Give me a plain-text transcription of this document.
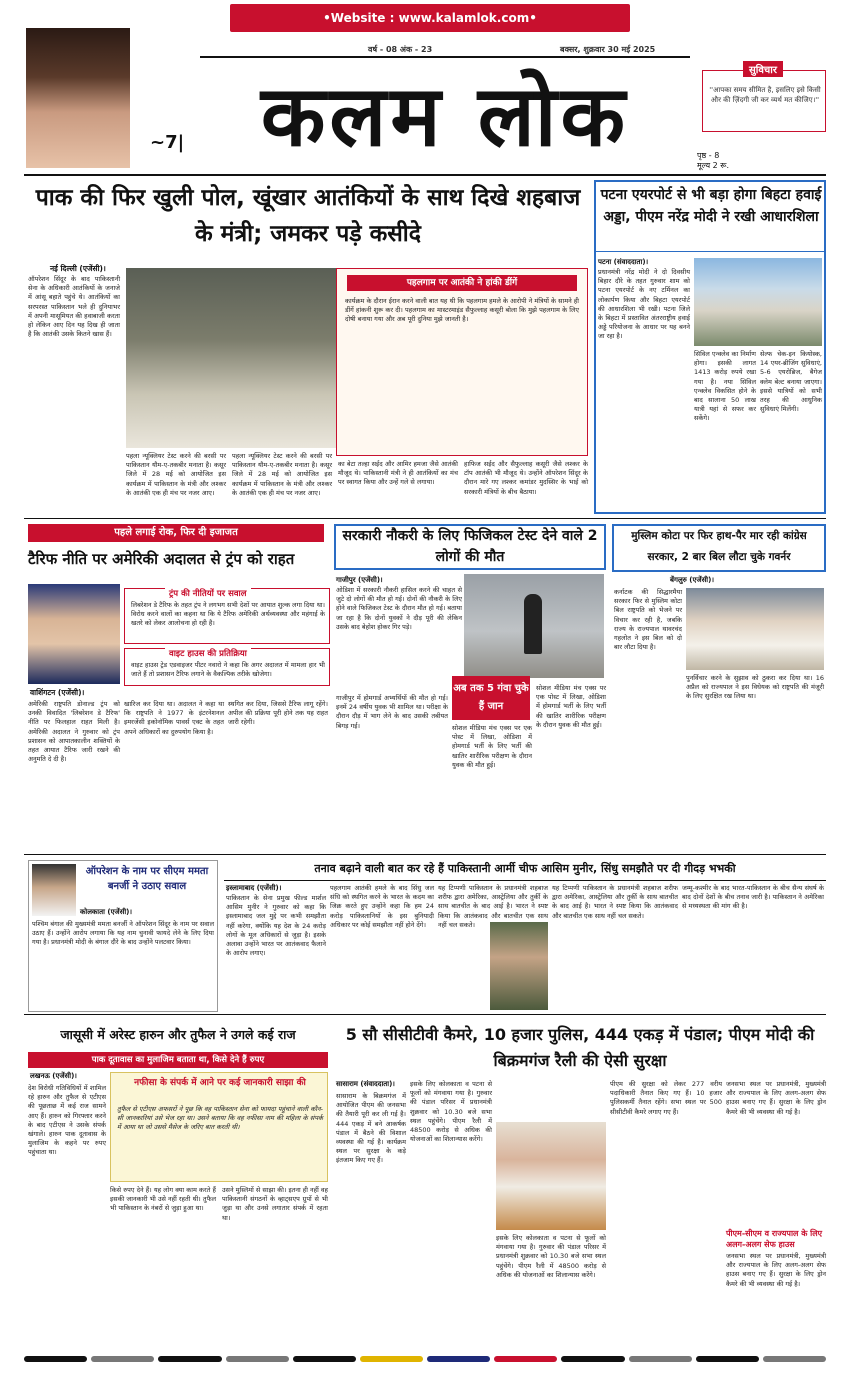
•Website : www.kalamlok.com•
वर्ष - 08 अंक - 23	बक्सर, शुक्रवार 30 मई 2025
कलम लोक
~7|
पृष्ठ - 8
मूल्य 2 रू.
सुविचार
''आपका समय सीमित है, इसलिए इसे किसी और की ज़िंदगी जी कर व्यर्थ मत कीजिए।''
पाक की फिर खुली पोल, खूंखार आतंकियों के साथ दिखे शहबाज के मंत्री; जमकर पड़े कसीदे
नई दिल्ली (एजेंसी)।
ऑपरेशन सिंदूर के बाद पाकिस्तानी सेना के अधिकारी आतंकियों के जनाजे में आंसू बहाते पहुंचे थे। आतंकियों का सरपरस्त पाकिस्तान भले ही दुनियाभर में अपनी मासूमियत की हवाबाजी करता हो लेकिन आए दिन यह दिख ही जाता है कि आतंकी उसके कितने खास हैं।
पहलगाम पर आतंकी ने हांकी डींगें
कार्यक्रम के दौरान ईरान करने वाली बात यह थी कि पहलगाम हमले के आरोपी ने मंत्रियों के सामने ही डींगें हांकनी शुरू कर दी। पहलगाम का मास्टरमाइंड सैफुल्लाह कसूरी बोला कि मुझे पहलगाम के लिए दोषी बनाया गया और अब पूरी दुनिया मुझे जानती है।
पहला न्यूक्लियर टेस्ट करने की बरसी पर पाकिस्तान यौम-ए-तकबीर मनाता है। कसूर जिले में 28 मई को आयोजित इस कार्यक्रम में पाकिस्तान के मंत्री और लश्कर के आतंकी एक ही मंच पर नजर आए।
पहला न्यूक्लियर टेस्ट करने की बरसी पर पाकिस्तान यौम-ए-तकबीर मनाता है। कसूर जिले में 28 मई को आयोजित इस कार्यक्रम में पाकिस्तान के मंत्री और लश्कर के आतंकी एक ही मंच पर नजर आए।
का बेटा तल्हा सईद और आमिर हमजा जैसे आतंकी मौजूद थे। पाकिस्तानी मंत्री ने ही आतंकियों का मंच पर स्वागत किया और उन्हें गले से लगाया।
हाफिज सईद और सैफुल्लाह कसूरी जैसे लश्कर के टॉप आतंकी भी मौजूद थे। उन्होंने ऑपरेशन सिंदूर के दौरान मारे गए लश्कर कमांडर मुदस्सिर के भाई को सरकारी मंत्रियों के बीच बैठाया।
पटना एयरपोर्ट से भी बड़ा होगा बिहटा हवाई अड्डा, पीएम नरेंद्र मोदी ने रखी आधारशिला
पटना (संवाददाता)।
प्रधानमंत्री नरेंद्र मोदी ने दो दिवसीय बिहार दौरे के तहत गुरुवार शाम को पटना एयरपोर्ट के नए टर्मिनल का लोकार्पण किया और बिहटा एयरपोर्ट की आधारशिला भी रखी। पटना जिले के बिहटा में प्रस्तावित अंतरराष्ट्रीय हवाई अड्डे परियोजना के आधार पर यह बनने जा रहा है।
सिविल एन्क्लेव का निर्माण होगा। इसकी लागत 1413 करोड़ रुपये रखा गया है। नया सिविल एन्क्लेव विकसित होने के बाद सालाना 50 लाख यात्री यहां से सफर कर सकेंगे।
सेल्फ चेक-इन कियोस्क, 14 एयर-ब्रीजिंग सुविधाएं, 5-6 एयरोब्रिज, बैगेज क्लेम बेल्ट बनाया जाएगा। इससे यात्रियों को सभी तरह की आधुनिक सुविधाएं मिलेंगी।
पहले लगाई रोक, फिर दी इजाजत
टैरिफ नीति पर अमेरिकी अदालत से ट्रंप को राहत
ट्रंप की नीतियों पर सवाल
लिबरेशन डे टैरिफ के तहत ट्रंप ने लगभग सभी देशों पर आयात शुल्क लगा दिया था। विरोध करने वालों का कहना था कि ये टैरिफ अमेरिकी अर्थव्यवस्था और महंगाई के खतरे को लेकर आलोचना हो रही है।
वाइट हाउस की प्रतिक्रिया
वाइट हाउस ट्रेड एडवाइजर पीटर नवारो ने कहा कि अगर अदालत में मामला हार भी जाते हैं तो प्रशासन टैरिफ लगाने के वैकल्पिक तरीके खोजेगा।
वाशिंगटन (एजेंसी)।
अमेरिकी राष्ट्रपति डोनाल्ड ट्रंप को उनकी विवादित 'लिबरेशन डे टैरिफ' नीति पर फिलहाल राहत मिली है। अमेरिकी अदालत ने गुरुवार को ट्रंप प्रशासन को आपातकालीन शक्तियों के तहत आयात टैरिफ जारी रखने की अनुमति दे दी है।
खारिज कर दिया था। अदालत ने कहा था कि राष्ट्रपति ने 1977 के इंटरनेशनल इमरजेंसी इकोनॉमिक पावर्स एक्ट के तहत अपने अधिकारों का दुरुपयोग किया है।
स्थगित कर दिया, जिससे टैरिफ लागू रहेंगे। अपील की प्रक्रिया पूरी होने तक यह राहत जारी रहेगी।
सरकारी नौकरी के लिए फिजिकल टेस्ट देने वाले 2 लोगों की मौत
गाजीपुर (एजेंसी)।
ओडिशा में सरकारी नौकरी हासिल करने की चाहत से जुटे दो लोगों की मौत हो गई। दोनों की नौकरी के लिए होने वाले फिजिकल टेस्ट के दौरान मौत हो गई। बताया जा रहा है कि दोनों युवकों ने दौड़ पूरी की लेकिन उसके बाद बेहोश होकर गिर पड़े।
अब तक 5 गंवा चुके हैं जान
गाजीपुर में होमगार्ड अभ्यर्थियों की मौत हो गई। इनमें 24 वर्षीय युवक भी शामिल था। परीक्षा के दौरान दौड़ में भाग लेने के बाद उसकी तबीयत बिगड़ गई।
सोशल मीडिया मंच एक्स पर एक पोस्ट में लिखा, ओडिशा में होमगार्ड भर्ती के लिए भर्ती की खातिर शारीरिक परीक्षण के दौरान युवक की मौत हुई।
सोशल मीडिया मंच एक्स पर एक पोस्ट में लिखा, ओडिशा में होमगार्ड भर्ती के लिए भर्ती की खातिर शारीरिक परीक्षण के दौरान युवक की मौत हुई।
मुस्लिम कोटा पर फिर हाथ-पैर मार रही कांग्रेस सरकार, 2 बार बिल लौटा चुके गवर्नर
बेंगलुरु (एजेंसी)।
कर्नाटक की सिद्धारमैया सरकार फिर से मुस्लिम कोटा बिल राष्ट्रपति को भेजने पर विचार कर रही है, जबकि राज्य के राज्यपाल थावरचंद गहलोत ने इस बिल को दो बार लौटा दिया है।
पुनर्विचार करने के सुझाव को ठुकरा कर दिया था। 16 अप्रैल को राज्यपाल ने इस विधेयक को राष्ट्रपति की मंजूरी के लिए सुरक्षित रख लिया था।
ऑपरेशन के नाम पर सीएम ममता बनर्जी ने उठाए सवाल
कोलकाता (एजेंसी)।
पश्चिम बंगाल की मुख्यमंत्री ममता बनर्जी ने ऑपरेशन सिंदूर के नाम पर सवाल उठाए हैं। उन्होंने आरोप लगाया कि यह नाम चुनावी फायदे लेने के लिए दिया गया है। प्रधानमंत्री मोदी के बंगाल दौरे के बाद उन्होंने पलटवार किया।
तनाव बढ़ाने वाली बात कर रहे हैं पाकिस्तानी आर्मी चीफ आसिम मुनीर, सिंधु समझौते पर दी गीदड़ भभकी
इस्लामाबाद (एजेंसी)।
पाकिस्तान के सेना प्रमुख फील्ड मार्शल आसिम मुनीर ने गुरुवार को कहा कि इस्लामाबाद जल मुद्दे पर कभी समझौता नहीं करेगा, क्योंकि यह देश के 24 करोड़ लोगों के मूल अधिकारों से जुड़ा है। इसके अलावा उन्होंने भारत पर आतंकवाद फैलाने के आरोप लगाए।
पहलगाम आतंकी हमले के बाद सिंधु जल संधि को स्थगित करने के भारत के कदम का जिक्र करते हुए उन्होंने कहा कि हम 24 करोड़ पाकिस्तानियों के इस बुनियादी अधिकार पर कोई समझौता नहीं होने देंगे।
यह टिप्पणी पाकिस्तान के प्रधानमंत्री शहबाज शरीफ द्वारा अमेरिका, आस्ट्रेलिया और तुर्की के साथ बातचीत के बाद आई है। भारत ने स्पष्ट किया कि आतंकवाद और बातचीत एक साथ नहीं चल सकते।
यह टिप्पणी पाकिस्तान के प्रधानमंत्री शहबाज शरीफ द्वारा अमेरिका, आस्ट्रेलिया और तुर्की के साथ बातचीत के बाद आई है। भारत ने स्पष्ट किया कि आतंकवाद और बातचीत एक साथ नहीं चल सकते।
जम्मू-कश्मीर के बाद भारत-पाकिस्तान के बीच सैन्य संघर्ष के बाद दोनों देशों के बीच तनाव जारी है। पाकिस्तान ने अमेरिका से मध्यस्थता की मांग की है।
जासूसी में अरेस्ट हारुन और तुफैल ने उगले कई राज
पाक दूतावास का मुलाजिम बताता था, किसे देने हैं रुपए
लखनऊ (एजेंसी)।
देश विरोधी गतिविधियों में शामिल रहे हारुन और तुफैल से एटीएस की पूछताछ में कई राज सामने आए हैं। हारुन को गिरफ्तार करने के बाद एटीएस ने उसके संपर्क खंगाले। हारुन पाक दूतावास के मुलाजिम के कहने पर रुपए पहुंचाता था।
नफीसा के संपर्क में आने पर कई जानकारी साझा की
तुफैल से एटीएस अफसरों ने पूछ कि वह पाकिस्तान सेना को फायदा पहुंचाने वाली कौन-सी जानकारियां उसे भेज रहा था। उसने बताया कि वह नफीसा नाम की महिला के संपर्क में आया था जो उससे मैसेज के जरिए बात करती थी।
किसे रुपए देने हैं। यह लोग क्या काम करते हैं इसकी जानकारी भी उसे नहीं रहती थी। तुफैल भी पाकिस्तान के नंबरों से जुड़ा हुआ था।
उसने मुस्लिमों से साझा की। इतना ही नहीं वह पाकिस्तानी संगठनों के व्हाट्सएप ग्रुपों से भी जुड़ा था और उनसे लगातार संपर्क में रहता था।
5 सौ सीसीटीवी कैमरे, 10 हजार पुलिस, 444 एकड़ में पंडाल; पीएम मोदी की बिक्रमगंज रैली की ऐसी सुरक्षा
सासाराम (संवाददाता)।
सासाराम के बिक्रमगंज में आयोजित पीएम की जनसभा की तैयारी पूरी कर ली गई है। 444 एकड़ में बने आकर्षक पंडाल में बैठने की विशाल व्यवस्था की गई है। कार्यक्रम स्थल पर सुरक्षा के कड़े इंतजाम किए गए हैं।
इसके लिए कोलकाता व पटना से फूलों को मंगवाया गया है। गुरुवार की पंडाल परिसर में प्रधानमंत्री शुक्रवार को 10.30 बजे सभा स्थल पहुंचेंगे। पीएम रैली में 48500 करोड़ से अधिक की योजनाओं का शिलान्यास करेंगे।
पीएम की सुरक्षा को लेकर 277 वरीय पदाधिकारी तैनात किए गए हैं। 10 हजार पुलिसकर्मी तैनात रहेंगे। सभा स्थल पर 500 सीसीटीवी कैमरे लगाए गए हैं।
इसके लिए कोलकाता व पटना से फूलों को मंगवाया गया है। गुरुवार की पंडाल परिसर में प्रधानमंत्री शुक्रवार को 10.30 बजे सभा स्थल पहुंचेंगे। पीएम रैली में 48500 करोड़ से अधिक की योजनाओं का शिलान्यास करेंगे।
पीएम-सीएम व राज्यपाल के लिए अलग-अलग सेफ हाउस
जनसभा स्थल पर प्रधानमंत्री, मुख्यमंत्री और राज्यपाल के लिए अलग-अलग सेफ हाउस बनाए गए हैं। सुरक्षा के लिए ड्रोन कैमरे की भी व्यवस्था की गई है।
जनसभा स्थल पर प्रधानमंत्री, मुख्यमंत्री और राज्यपाल के लिए अलग-अलग सेफ हाउस बनाए गए हैं। सुरक्षा के लिए ड्रोन कैमरे की भी व्यवस्था की गई है।
